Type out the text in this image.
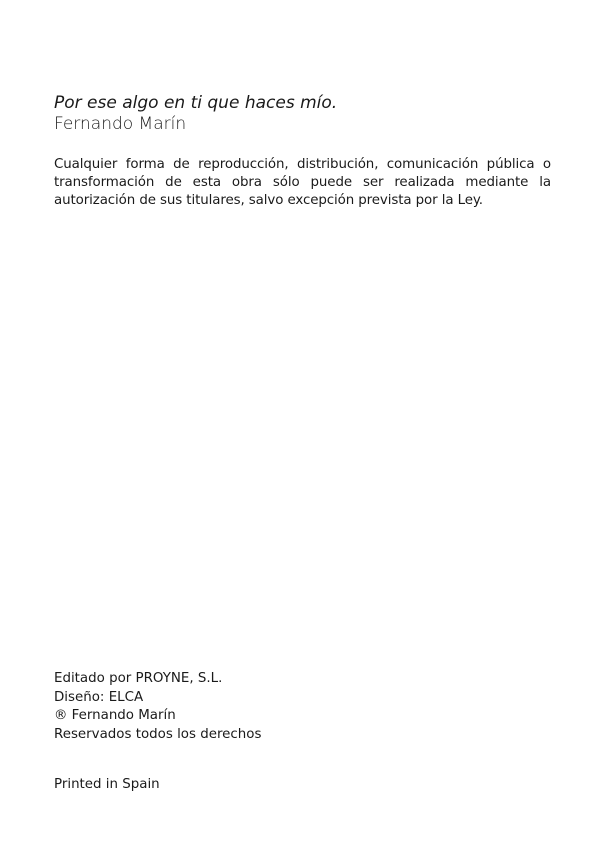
Por ese algo en ti que haces mío.
Fernando Marín

Cualquier forma de reproducción, distribución, comunicación pública o transformación de esta obra sólo puede ser realizada mediante la autorización de sus titulares, salvo excepción prevista por la Ley.

Editado por PROYNE, S.L.
Diseño: ELCA
® Fernando Marín
Reservados todos los derechos
Printed in Spain
